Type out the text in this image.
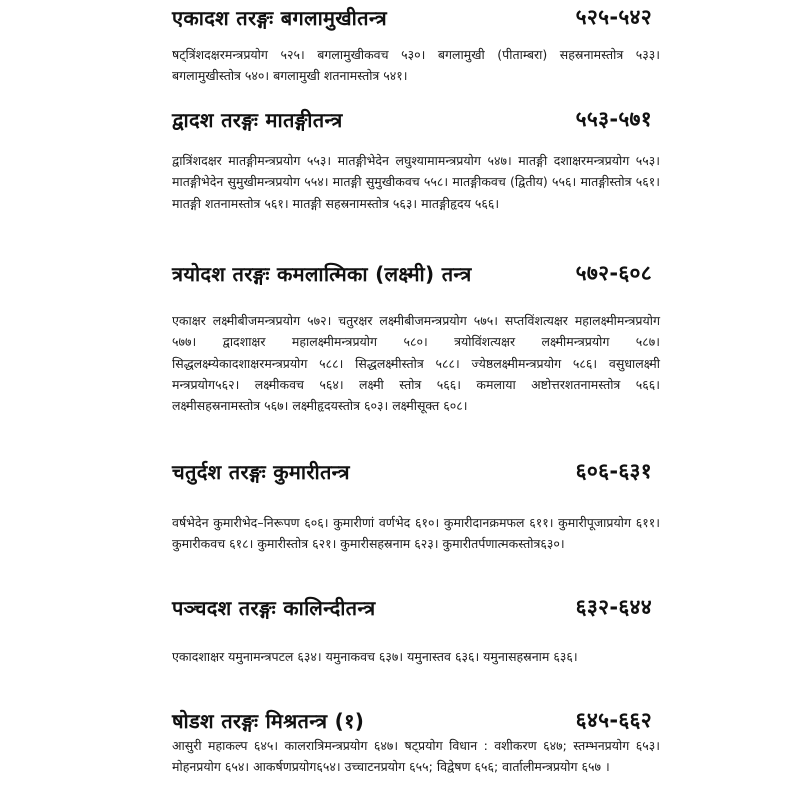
एकादश तरङ्गः बगलामुखीतन्त्र	५२५-५४२
षट्त्रिंशदक्षरमन्त्रप्रयोग ५२५। बगलामुखीकवच ५३०। बगलामुखी (पीताम्बरा) सहस्रनामस्तोत्र ५३३। बगलामुखीस्तोत्र ५४०। बगलामुखी शतनामस्तोत्र ५४१।
द्वादश तरङ्गः मातङ्गीतन्त्र	५५३-५७१
द्वात्रिंशदक्षर मातङ्गीमन्त्रप्रयोग ५५३। मातङ्गीभेदेन लघुश्यामामन्त्रप्रयोग ५४७। मातङ्गी दशाक्षरमन्त्रप्रयोग ५५३। मातङ्गीभेदेन सुमुखीमन्त्रप्रयोग ५५४। मातङ्गी सुमुखीकवच ५५८। मातङ्गीकवच (द्वितीय) ५५६। मातङ्गीस्तोत्र ५६१। मातङ्गी शतनामस्तोत्र ५६१। मातङ्गी सहस्रनामस्तोत्र ५६३। मातङ्गीहृदय ५६६।
त्रयोदश तरङ्गः कमलात्मिका (लक्ष्मी) तन्त्र	५७२-६०८
एकाक्षर लक्ष्मीबीजमन्त्रप्रयोग ५७२। चतुरक्षर लक्ष्मीबीजमन्त्रप्रयोग ५७५। सप्तविंशत्यक्षर महालक्ष्मीमन्त्रप्रयोग ५७७। द्वादशाक्षर महालक्ष्मीमन्त्रप्रयोग ५८०। त्रयोविंशत्यक्षर लक्ष्मीमन्त्रप्रयोग ५८७। सिद्धलक्ष्म्येकादशाक्षरमन्त्रप्रयोग ५८८। सिद्धलक्ष्मीस्तोत्र ५८८। ज्येष्ठलक्ष्मीमन्त्रप्रयोग ५८६। वसुधालक्ष्मी मन्त्रप्रयोग५६२। लक्ष्मीकवच ५६४। लक्ष्मी स्तोत्र ५६६। कमलाया अष्टोत्तरशतनामस्तोत्र ५६६। लक्ष्मीसहस्रनामस्तोत्र ५६७। लक्ष्मीहृदयस्तोत्र ६०३। लक्ष्मीसूक्त ६०८।
चतुर्दश तरङ्गः कुमारीतन्त्र	६०६-६३१
वर्षभेदेन कुमारीभेद–निरूपण ६०६। कुमारीणां वर्णभेद ६१०। कुमारीदानक्रमफल ६११। कुमारीपूजाप्रयोग ६११। कुमारीकवच ६१८। कुमारीस्तोत्र ६२१। कुमारीसहस्रनाम ६२३। कुमारीतर्पणात्मकस्तोत्र६३०।
पञ्चदश तरङ्गः कालिन्दीतन्त्र	६३२-६४४
एकादशाक्षर यमुनामन्त्रपटल ६३४। यमुनाकवच ६३७। यमुनास्तव ६३६। यमुनासहस्रनाम ६३६।
षोडश तरङ्गः मिश्रतन्त्र (१)	६४५-६६२
आसुरी महाकल्प ६४५। कालरात्रिमन्त्रप्रयोग ६४७। षट्प्रयोग विधान : वशीकरण ६४७; स्तम्भनप्रयोग ६५३। मोहनप्रयोग ६५४। आकर्षणप्रयोग६५४। उच्चाटनप्रयोग ६५५; विद्वेषण ६५६; वार्तालीमन्त्रप्रयोग ६५७ ।
